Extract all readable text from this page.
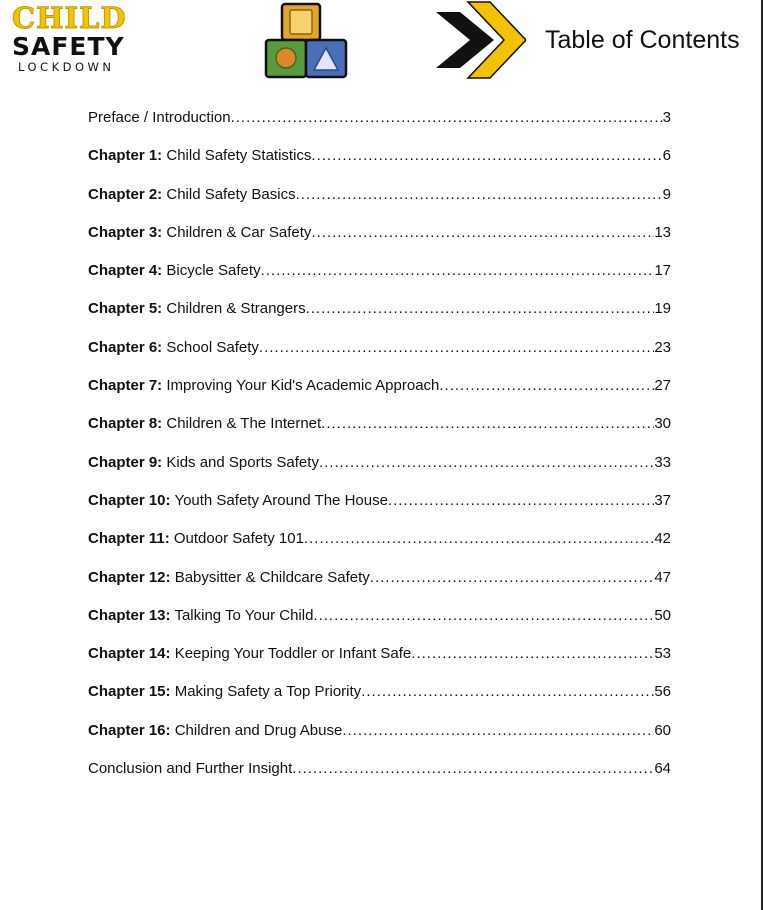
CHILD
SAFETY
LOCKDOWN
Table of Contents
Preface / Introduction .....	3
Chapter 1: Child Safety Statistics .....	6
Chapter 2: Child Safety Basics .....	9
Chapter 3: Children & Car Safety .....	13
Chapter 4: Bicycle Safety .....	17
Chapter 5: Children & Strangers .....	19
Chapter 6: School Safety .....	23
Chapter 7: Improving Your Kid's Academic Approach .....	27
Chapter 8: Children & The Internet .....	30
Chapter 9: Kids and Sports Safety .....	33
Chapter 10: Youth Safety Around The House .....	37
Chapter 11: Outdoor Safety 101 .....	42
Chapter 12: Babysitter & Childcare Safety .....	47
Chapter 13: Talking To Your Child .....	50
Chapter 14: Keeping Your Toddler or Infant Safe .....	53
Chapter 15: Making Safety a Top Priority .....	56
Chapter 16: Children and Drug Abuse .....	60
Conclusion and Further Insight .....	64
